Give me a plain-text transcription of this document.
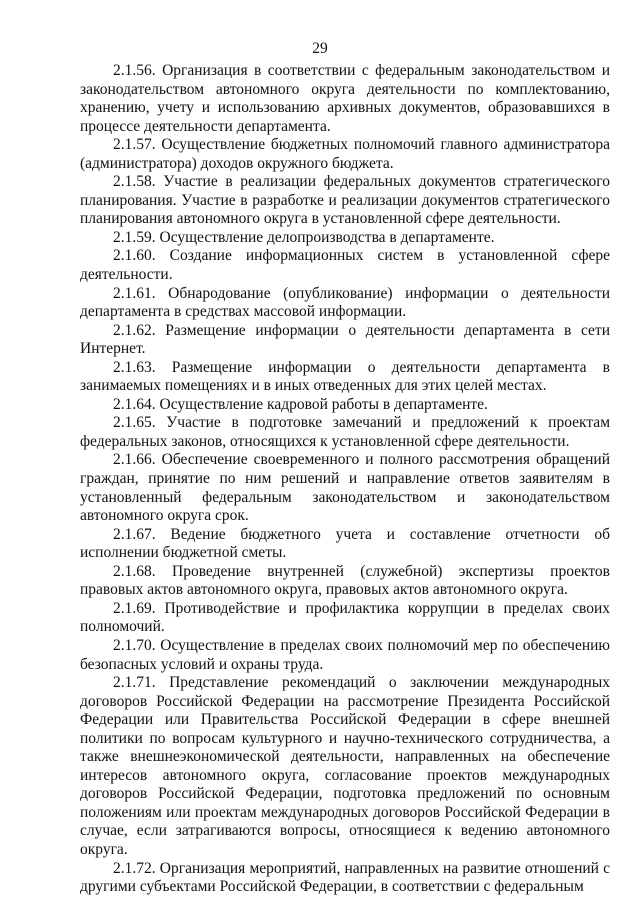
29

2.1.56. Организация в соответствии с федеральным законодательством и законодательством автономного округа деятельности по комплектованию, хранению, учету и использованию архивных документов, образовавшихся в процессе деятельности департамента.

2.1.57. Осуществление бюджетных полномочий главного администратора (администратора) доходов окружного бюджета.

2.1.58. Участие в реализации федеральных документов стратегического планирования. Участие в разработке и реализации документов стратегического планирования автономного округа в установленной сфере деятельности.

2.1.59. Осуществление делопроизводства в департаменте.

2.1.60. Создание информационных систем в установленной сфере деятельности.

2.1.61. Обнародование (опубликование) информации о деятельности департамента в средствах массовой информации.

2.1.62. Размещение информации о деятельности департамента в сети Интернет.

2.1.63. Размещение информации о деятельности департамента в занимаемых помещениях и в иных отведенных для этих целей местах.

2.1.64. Осуществление кадровой работы в департаменте.

2.1.65. Участие в подготовке замечаний и предложений к проектам федеральных законов, относящихся к установленной сфере деятельности.

2.1.66. Обеспечение своевременного и полного рассмотрения обращений граждан, принятие по ним решений и направление ответов заявителям в установленный федеральным законодательством и законодательством автономного округа срок.

2.1.67. Ведение бюджетного учета и составление отчетности об исполнении бюджетной сметы.

2.1.68. Проведение внутренней (служебной) экспертизы проектов правовых актов автономного округа, правовых актов автономного округа.

2.1.69. Противодействие и профилактика коррупции в пределах своих полномочий.

2.1.70. Осуществление в пределах своих полномочий мер по обеспечению безопасных условий и охраны труда.

2.1.71. Представление рекомендаций о заключении международных договоров Российской Федерации на рассмотрение Президента Российской Федерации или Правительства Российской Федерации в сфере внешней политики по вопросам культурного и научно-технического сотрудничества, а также внешнеэкономической деятельности, направленных на обеспечение интересов автономного округа, согласование проектов международных договоров Российской Федерации, подготовка предложений по основным положениям или проектам международных договоров Российской Федерации в случае, если затрагиваются вопросы, относящиеся к ведению автономного округа.

2.1.72. Организация мероприятий, направленных на развитие отношений с другими субъектами Российской Федерации, в соответствии с федеральным
